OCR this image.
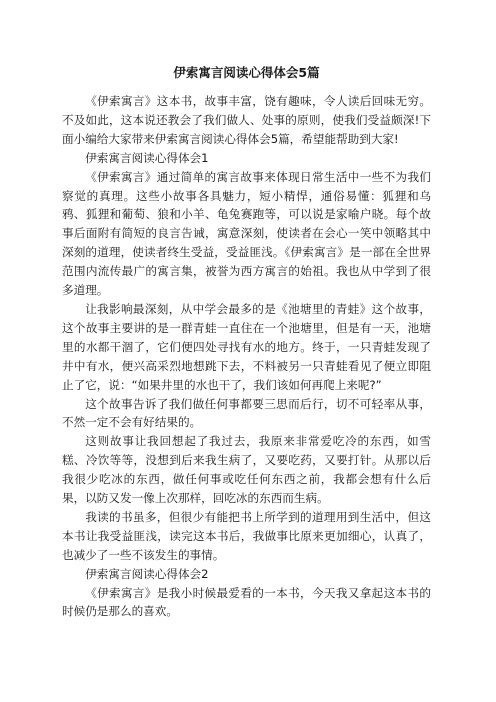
伊索寓言阅读心得体会5篇

《伊索寓言》这本书，故事丰富，饶有趣味，令人读后回味无穷。不及如此，这本说还教会了我们做人、处事的原则，使我们受益颇深!下面小编给大家带来伊索寓言阅读心得体会5篇，希望能帮助到大家!

伊索寓言阅读心得体会1

《伊索寓言》通过简单的寓言故事来体现日常生活中一些不为我们察觉的真理。这些小故事各具魅力，短小精悍，通俗易懂：狐狸和乌鸦、狐狸和葡萄、狼和小羊、龟兔赛跑等，可以说是家喻户晓。每个故事后面附有简短的良言告诫，寓意深刻，使读者在会心一笑中领略其中深刻的道理，使读者终生受益，受益匪浅。《伊索寓言》是一部在全世界范围内流传最广的寓言集，被誉为西方寓言的始祖。我也从中学到了很多道理。

让我影响最深刻，从中学会最多的是《池塘里的青蛙》这个故事，这个故事主要讲的是一群青蛙一直住在一个池塘里，但是有一天，池塘里的水都干涸了，它们便四处寻找有水的地方。终于，一只青蛙发现了井中有水，便兴高采烈地想跳下去，不料被另一只青蛙看见了便立即阻止了它，说：“如果井里的水也干了，我们该如何再爬上来呢?”

这个故事告诉了我们做任何事都要三思而后行，切不可轻率从事，不然一定不会有好结果的。

这则故事让我回想起了我过去，我原来非常爱吃冷的东西，如雪糕、冷饮等等，没想到后来我生病了，又要吃药，又要打针。从那以后我很少吃冰的东西，做任何事或吃任何东西之前，我都会想有什么后果，以防又发一像上次那样，回吃冰的东西而生病。

我读的书虽多，但很少有能把书上所学到的道理用到生活中，但这本书让我受益匪浅，读完这本书后，我做事比原来更加细心，认真了，也减少了一些不该发生的事情。

伊索寓言阅读心得体会2

《伊索寓言》是我小时候最爱看的一本书，今天我又拿起这本书的时候仍是那么的喜欢。
